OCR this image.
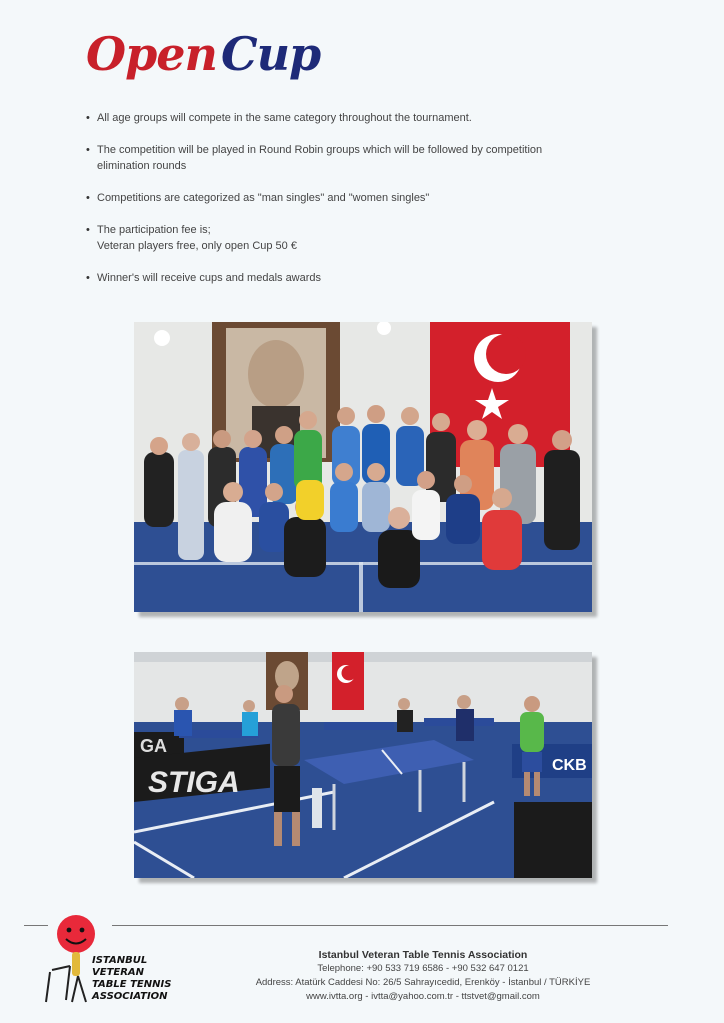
OpenCup
• All age groups will compete in the same category throughout the tournament.
• The competition will be played in Round Robin groups which will be followed by competition
elimination rounds
• Competitions are categorized as "man singles" and "women singles"
• The participation fee is;
Veteran players free, only open Cup 50 €
• Winner's will receive cups and medals awards
GA
STIGA
CKB
ISTANBUL
VETERAN
TABLE TENNIS
ASSOCIATION
Istanbul Veteran Table Tennis Association
Telephone: +90 533 719 6586 - +90 532 647 0121
Address: Atatürk Caddesi No: 26/5 Sahrayıcedid, Erenköy - İstanbul / TÜRKİYE
www.ivtta.org - ivtta@yahoo.com.tr - ttstvet@gmail.com
